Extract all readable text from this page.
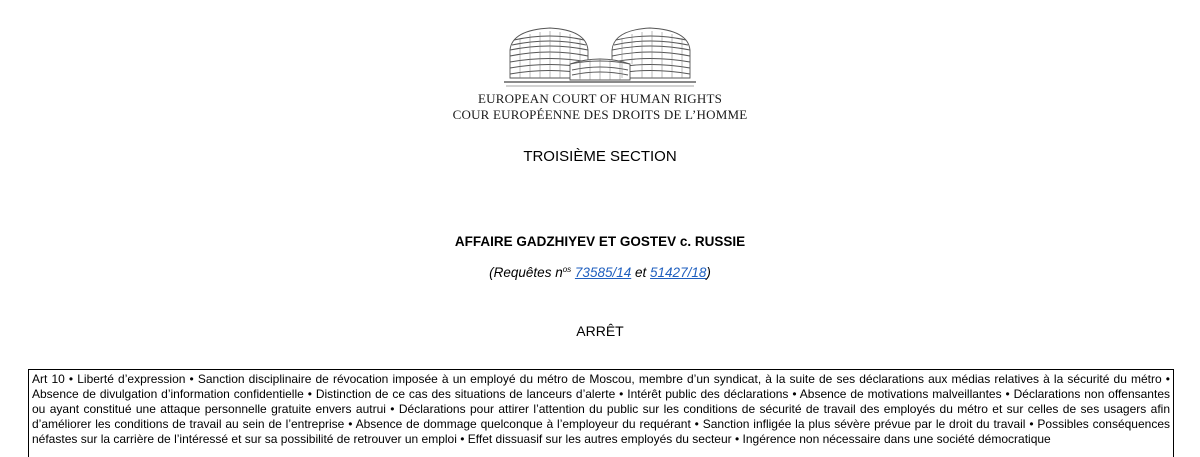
EUROPEAN COURT OF HUMAN RIGHTS
COUR EUROPÉENNE DES DROITS DE L’HOMME
TROISIÈME SECTION
AFFAIRE GADZHIYEV ET GOSTEV c. RUSSIE
(Requêtes $n^{os}$ 73585/14 et 51427/18)
ARRÊT
Art 10 • Liberté d’expression • Sanction disciplinaire de révocation imposée à un employé du métro de Moscou, membre d’un syndicat, à la suite de ses déclarations aux médias relatives à la sécurité du métro • Absence de divulgation d’information confidentielle • Distinction de ce cas des situations de lanceurs d’alerte • Intérêt public des déclarations • Absence de motivations malveillantes • Déclarations non offensantes ou ayant constitué une attaque personnelle gratuite envers autrui • Déclarations pour attirer l’attention du public sur les conditions de sécurité de travail des employés du métro et sur celles de ses usagers afin d’améliorer les conditions de travail au sein de l’entreprise • Absence de dommage quelconque à l’employeur du requérant • Sanction infligée la plus sévère prévue par le droit du travail • Possibles conséquences néfastes sur la carrière de l’intéressé et sur sa possibilité de retrouver un emploi • Effet dissuasif sur les autres employés du secteur • Ingérence non nécessaire dans une société démocratique
